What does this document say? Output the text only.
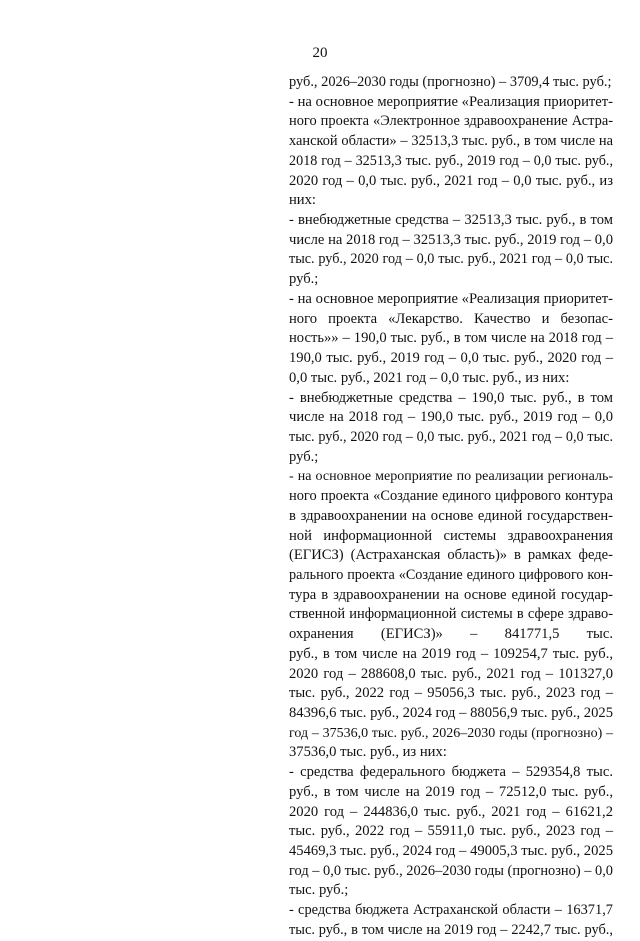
20
руб., 2026–2030 годы (прогнозно) – 3709,4 тыс. руб.;
- на основное мероприятие «Реализация приоритет-
ного проекта «Электронное здравоохранение Астра-
ханской области» – 32513,3 тыс. руб., в том числе на
2018 год – 32513,3 тыс. руб., 2019 год – 0,0 тыс. руб.,
2020 год – 0,0 тыс. руб., 2021 год – 0,0 тыс. руб., из
них:
- внебюджетные средства – 32513,3 тыс. руб., в том
числе на 2018 год – 32513,3 тыс. руб., 2019 год – 0,0
тыс. руб., 2020 год – 0,0 тыс. руб., 2021 год – 0,0 тыс.
руб.;
- на основное мероприятие «Реализация приоритет-
ного проекта «Лекарство. Качество и безопас-
ность»» – 190,0 тыс. руб., в том числе на 2018 год –
190,0 тыс. руб., 2019 год – 0,0 тыс. руб., 2020 год –
0,0 тыс. руб., 2021 год – 0,0 тыс. руб., из них:
- внебюджетные средства – 190,0 тыс. руб., в том
числе на 2018 год – 190,0 тыс. руб., 2019 год – 0,0
тыс. руб., 2020 год – 0,0 тыс. руб., 2021 год – 0,0 тыс.
руб.;
- на основное мероприятие по реализации региональ-
ного проекта «Создание единого цифрового контура
в здравоохранении на основе единой государствен-
ной информационной системы здравоохранения
(ЕГИСЗ) (Астраханская область)» в рамках феде-
рального проекта «Создание единого цифрового кон-
тура в здравоохранении на основе единой государ-
ственной информационной системы в сфере здраво-
охранения (ЕГИСЗ)» – 841771,5 тыс.
руб., в том числе на 2019 год – 109254,7 тыс. руб.,
2020 год – 288608,0 тыс. руб., 2021 год – 101327,0
тыс. руб., 2022 год – 95056,3 тыс. руб., 2023 год –
84396,6 тыс. руб., 2024 год – 88056,9 тыс. руб., 2025
год – 37536,0 тыс. руб., 2026–2030 годы (прогнозно) –
37536,0 тыс. руб., из них:
- средства федерального бюджета – 529354,8 тыс.
руб., в том числе на 2019 год – 72512,0 тыс. руб.,
2020 год – 244836,0 тыс. руб., 2021 год – 61621,2
тыс. руб., 2022 год – 55911,0 тыс. руб., 2023 год –
45469,3 тыс. руб., 2024 год – 49005,3 тыс. руб., 2025
год – 0,0 тыс. руб., 2026–2030 годы (прогнозно) – 0,0
тыс. руб.;
- средства бюджета Астраханской области – 16371,7
тыс. руб., в том числе на 2019 год – 2242,7 тыс. руб.,
